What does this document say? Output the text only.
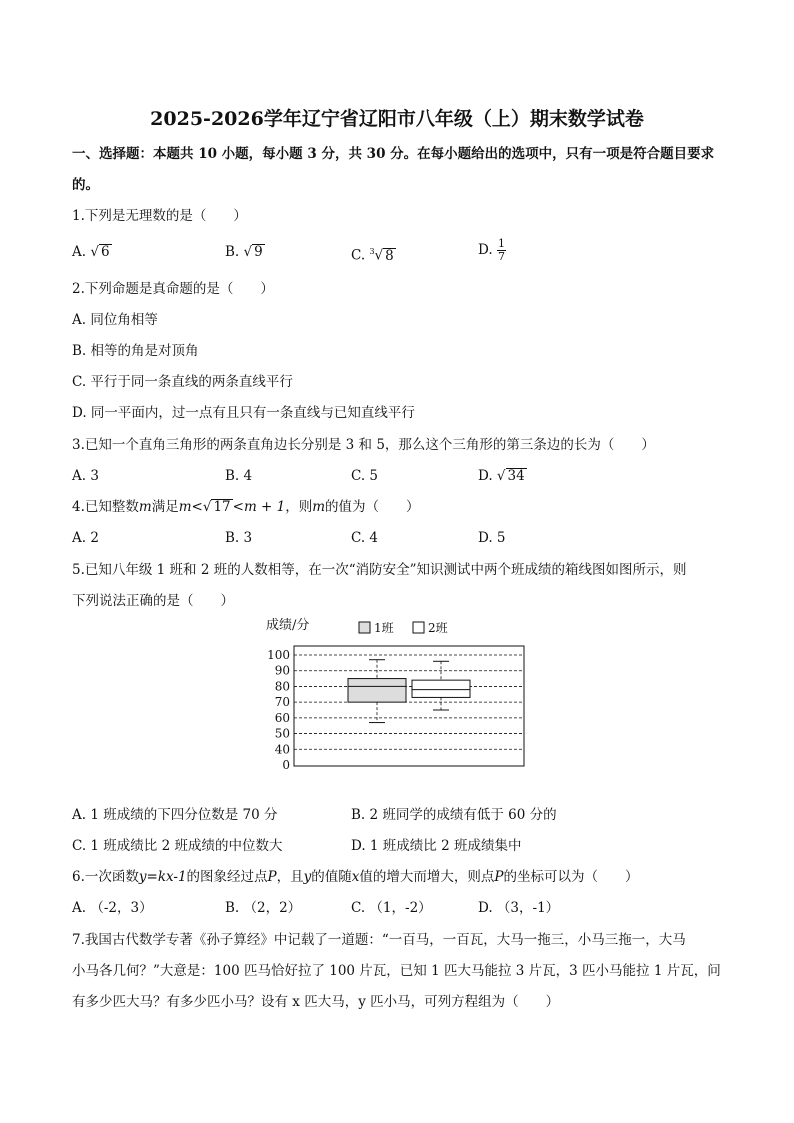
2025-2026学年辽宁省辽阳市八年级（上）期末数学试卷
一、选择题：本题共 10 小题，每小题 3 分，共 30 分。在每小题给出的选项中，只有一项是符合题目要求
的。
1.下列是无理数的是（　　）
A. √ 6	B. √ 9	C. $^3$√ 8	D. $\frac{1}{7}$
2.下列命题是真命题的是（　　）
A. 同位角相等
B. 相等的角是对顶角
C. 平行于同一条直线的两条直线平行
D. 同一平面内，过一点有且只有一条直线与已知直线平行
3.已知一个直角三角形的两条直角边长分别是 3 和 5，那么这个三角形的第三条边的长为（　　）
A. 3	B. 4	C. 5	D. √ 34
4.已知整数m满足m<√ 17 <m + 1，则m的值为（　　）
A. 2	B. 3	C. 4	D. 5
5.已知八年级 1 班和 2 班的人数相等，在一次“消防安全”知识测试中两个班成绩的箱线图如图所示，则
下列说法正确的是（　　）
成绩/分	1班	2班
0
40
50
60
70
80
90
100
A. 1 班成绩的下四分位数是 70 分	B. 2 班同学的成绩有低于 60 分的
C. 1 班成绩比 2 班成绩的中位数大	D. 1 班成绩比 2 班成绩集中
6.一次函数y=kx-1的图象经过点P，且y的值随x值的增大而增大，则点P的坐标可以为（　　）
A. （-2，3）	B. （2，2）	C. （1，-2）	D. （3，-1）
7.我国古代数学专著《孙子算经》中记载了一道题：“一百马，一百瓦，大马一拖三，小马三拖一，大马
小马各几何？”大意是：100 匹马恰好拉了 100 片瓦，已知 1 匹大马能拉 3 片瓦，3 匹小马能拉 1 片瓦，问
有多少匹大马？有多少匹小马？设有 x 匹大马，y 匹小马，可列方程组为（　　）
